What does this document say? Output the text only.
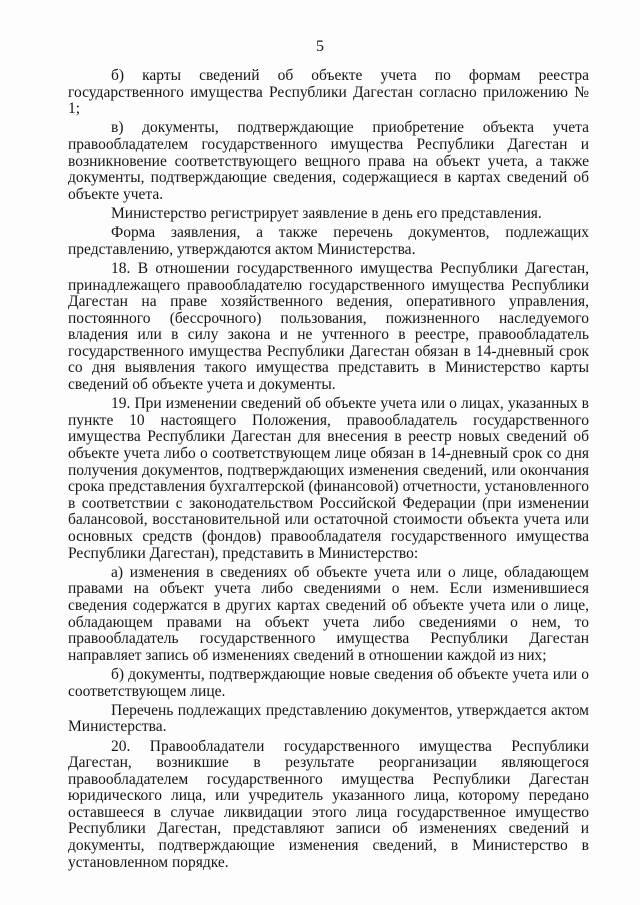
5

б) карты сведений об объекте учета по формам реестра государственного имущества Республики Дагестан согласно приложению № 1;

в) документы, подтверждающие приобретение объекта учета правообладателем государственного имущества Республики Дагестан и возникновение соответствующего вещного права на объект учета, а также документы, подтверждающие сведения, содержащиеся в картах сведений об объекте учета.

Министерство регистрирует заявление в день его представления.

Форма заявления, а также перечень документов, подлежащих представлению, утверждаются актом Министерства.

18. В отношении государственного имущества Республики Дагестан, принадлежащего правообладателю государственного имущества Республики Дагестан на праве хозяйственного ведения, оперативного управления, постоянного (бессрочного) пользования, пожизненного наследуемого владения или в силу закона и не учтенного в реестре, правообладатель государственного имущества Республики Дагестан обязан в 14-дневный срок со дня выявления такого имущества представить в Министерство карты сведений об объекте учета и документы.

19. При изменении сведений об объекте учета или о лицах, указанных в пункте 10 настоящего Положения, правообладатель государственного имущества Республики Дагестан для внесения в реестр новых сведений об объекте учета либо о соответствующем лице обязан в 14-дневный срок со дня получения документов, подтверждающих изменения сведений, или окончания срока представления бухгалтерской (финансовой) отчетности, установленного в соответствии с законодательством Российской Федерации (при изменении балансовой, восстановительной или остаточной стоимости объекта учета или основных средств (фондов) правообладателя государственного имущества Республики Дагестан), представить в Министерство:

а) изменения в сведениях об объекте учета или о лице, обладающем правами на объект учета либо сведениями о нем. Если изменившиеся сведения содержатся в других картах сведений об объекте учета или о лице, обладающем правами на объект учета либо сведениями о нем, то правообладатель государственного имущества Республики Дагестан направляет запись об изменениях сведений в отношении каждой из них;

б) документы, подтверждающие новые сведения об объекте учета или о соответствующем лице.

Перечень подлежащих представлению документов, утверждается актом Министерства.

20. Правообладатели государственного имущества Республики Дагестан, возникшие в результате реорганизации являющегося правообладателем государственного имущества Республики Дагестан юридического лица, или учредитель указанного лица, которому передано оставшееся в случае ликвидации этого лица государственное имущество Республики Дагестан, представляют записи об изменениях сведений и документы, подтверждающие изменения сведений, в Министерство в установленном порядке.
